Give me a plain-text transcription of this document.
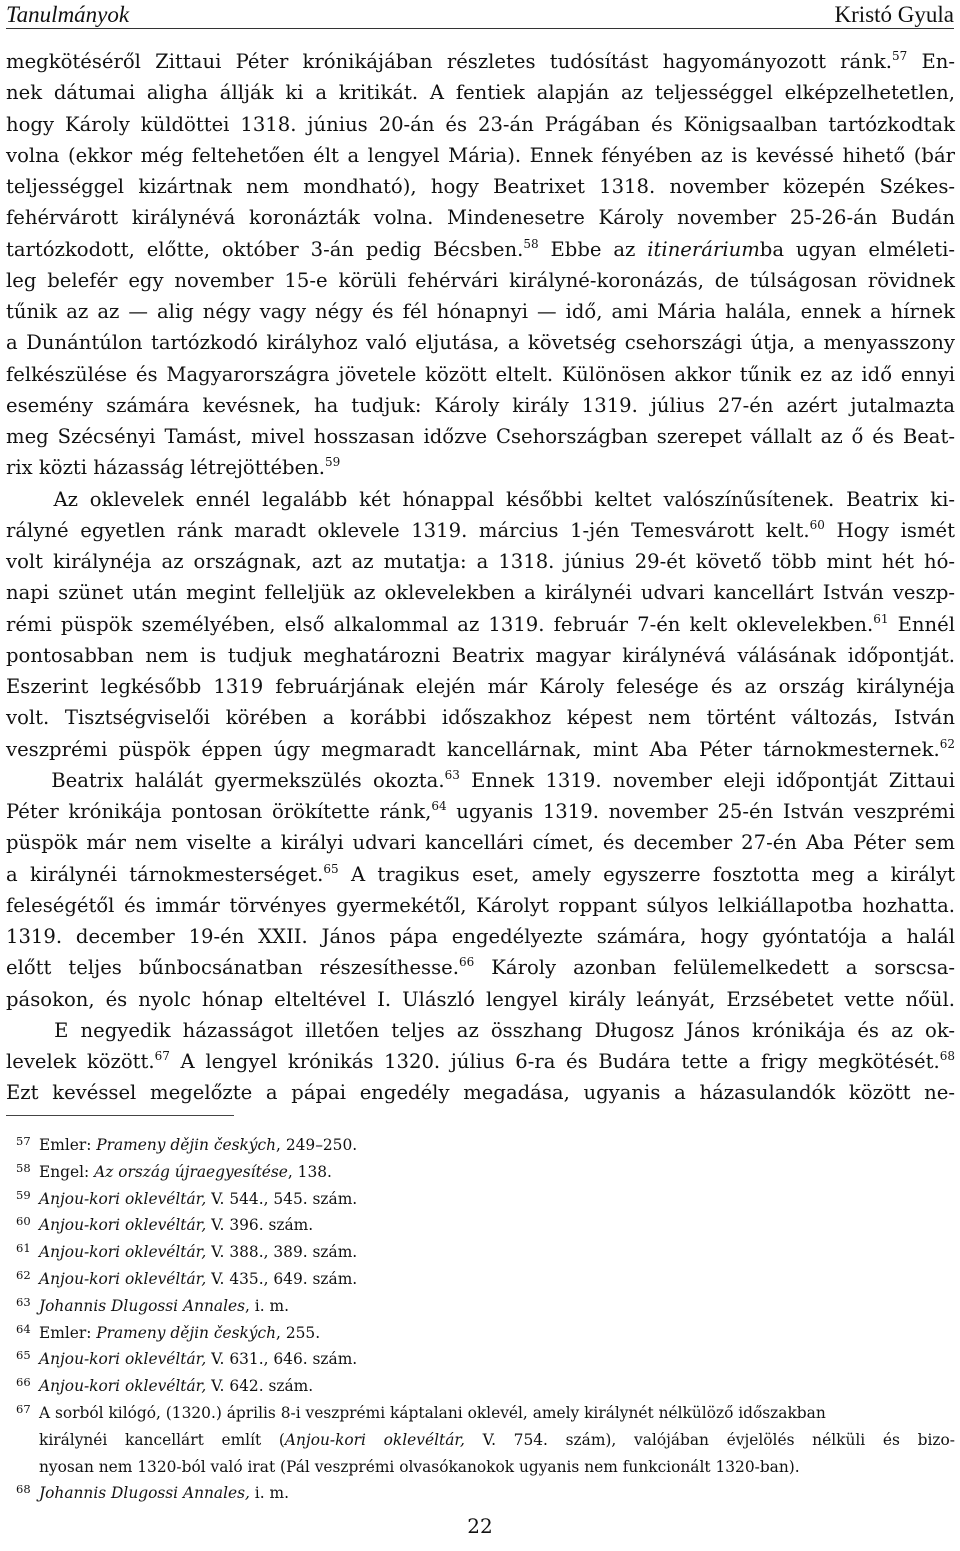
Tanulmányok	Kristó Gyula
megkötéséről Zittaui Péter krónikájában részletes tudósítást hagyományozott ránk.$^{57}$ En-
nek dátumai aligha állják ki a kritikát. A fentiek alapján az teljességgel elképzelhetetlen,
hogy Károly küldöttei 1318. június 20-án és 23-án Prágában és Königsaalban tartózkodtak
volna (ekkor még feltehetően élt a lengyel Mária). Ennek fényében az is kevéssé hihető (bár
teljességgel kizártnak nem mondható), hogy Beatrixet 1318. november közepén Székes-
fehérvárott királynévá koronázták volna. Mindenesetre Károly november 25-26-án Budán
tartózkodott, előtte, október 3-án pedig Bécsben.$^{58}$ Ebbe az itineráriumba ugyan elméleti-
leg belefér egy november 15-e körüli fehérvári királyné-koronázás, de túlságosan rövidnek
tűnik az az — alig négy vagy négy és fél hónapnyi — idő, ami Mária halála, ennek a hírnek
a Dunántúlon tartózkodó királyhoz való eljutása, a követség csehországi útja, a menyasszony
felkészülése és Magyarországra jövetele között eltelt. Különösen akkor tűnik ez az idő ennyi
esemény számára kevésnek, ha tudjuk: Károly király 1319. július 27-én azért jutalmazta
meg Szécsényi Tamást, mivel hosszasan időzve Csehországban szerepet vállalt az ő és Beat-
rix közti házasság létrejöttében.$^{59}$
Az oklevelek ennél legalább két hónappal későbbi keltet valószínűsítenek. Beatrix ki-
rályné egyetlen ránk maradt oklevele 1319. március 1-jén Temesvárott kelt.$^{60}$ Hogy ismét
volt királynéja az országnak, azt az mutatja: a 1318. június 29-ét követő több mint hét hó-
napi szünet után megint felleljük az oklevelekben a királynéi udvari kancellárt István veszp-
rémi püspök személyében, első alkalommal az 1319. február 7-én kelt oklevelekben.$^{61}$ Ennél
pontosabban nem is tudjuk meghatározni Beatrix magyar királynévá válásának időpontját.
Eszerint legkésőbb 1319 februárjának elején már Károly felesége és az ország királynéja
volt. Tisztségviselői körében a korábbi időszakhoz képest nem történt változás, István
veszprémi püspök éppen úgy megmaradt kancellárnak, mint Aba Péter tárnokmesternek.$^{62}$
Beatrix halálát gyermekszülés okozta.$^{63}$ Ennek 1319. november eleji időpontját Zittaui
Péter krónikája pontosan örökítette ránk,$^{64}$ ugyanis 1319. november 25-én István veszprémi
püspök már nem viselte a királyi udvari kancellári címet, és december 27-én Aba Péter sem
a királynéi tárnokmesterséget.$^{65}$ A tragikus eset, amely egyszerre fosztotta meg a királyt
feleségétől és immár törvényes gyermekétől, Károlyt roppant súlyos lelkiállapotba hozhatta.
1319. december 19-én XXII. János pápa engedélyezte számára, hogy gyóntatója a halál
előtt teljes bűnbocsánatban részesíthesse.$^{66}$ Károly azonban felülemelkedett a sorscsa-
pásokon, és nyolc hónap elteltével I. Ulászló lengyel király leányát, Erzsébetet vette nőül.
E negyedik házasságot illetően teljes az összhang Długosz János krónikája és az ok-
levelek között.$^{67}$ A lengyel krónikás 1320. július 6-ra és Budára tette a frigy megkötését.$^{68}$
Ezt kevéssel megelőzte a pápai engedély megadása, ugyanis a házasulandók között ne-
57 Emler: Prameny dějin českých, 249–250.
58 Engel: Az ország újraegyesítése, 138.
59 Anjou-kori oklevéltár, V. 544., 545. szám.
60 Anjou-kori oklevéltár, V. 396. szám.
61 Anjou-kori oklevéltár, V. 388., 389. szám.
62 Anjou-kori oklevéltár, V. 435., 649. szám.
63 Johannis Dlugossi Annales, i. m.
64 Emler: Prameny dějin českých, 255.
65 Anjou-kori oklevéltár, V. 631., 646. szám.
66 Anjou-kori oklevéltár, V. 642. szám.
67 A sorból kilógó, (1320.) április 8-i veszprémi káptalani oklevél, amely királynét nélkülöző időszakban
királynéi kancellárt említ (Anjou-kori oklevéltár, V. 754. szám), valójában évjelölés nélküli és bizo-
nyosan nem 1320-ból való irat (Pál veszprémi olvasókanokok ugyanis nem funkcionált 1320-ban).
68 Johannis Dlugossi Annales, i. m.
22
